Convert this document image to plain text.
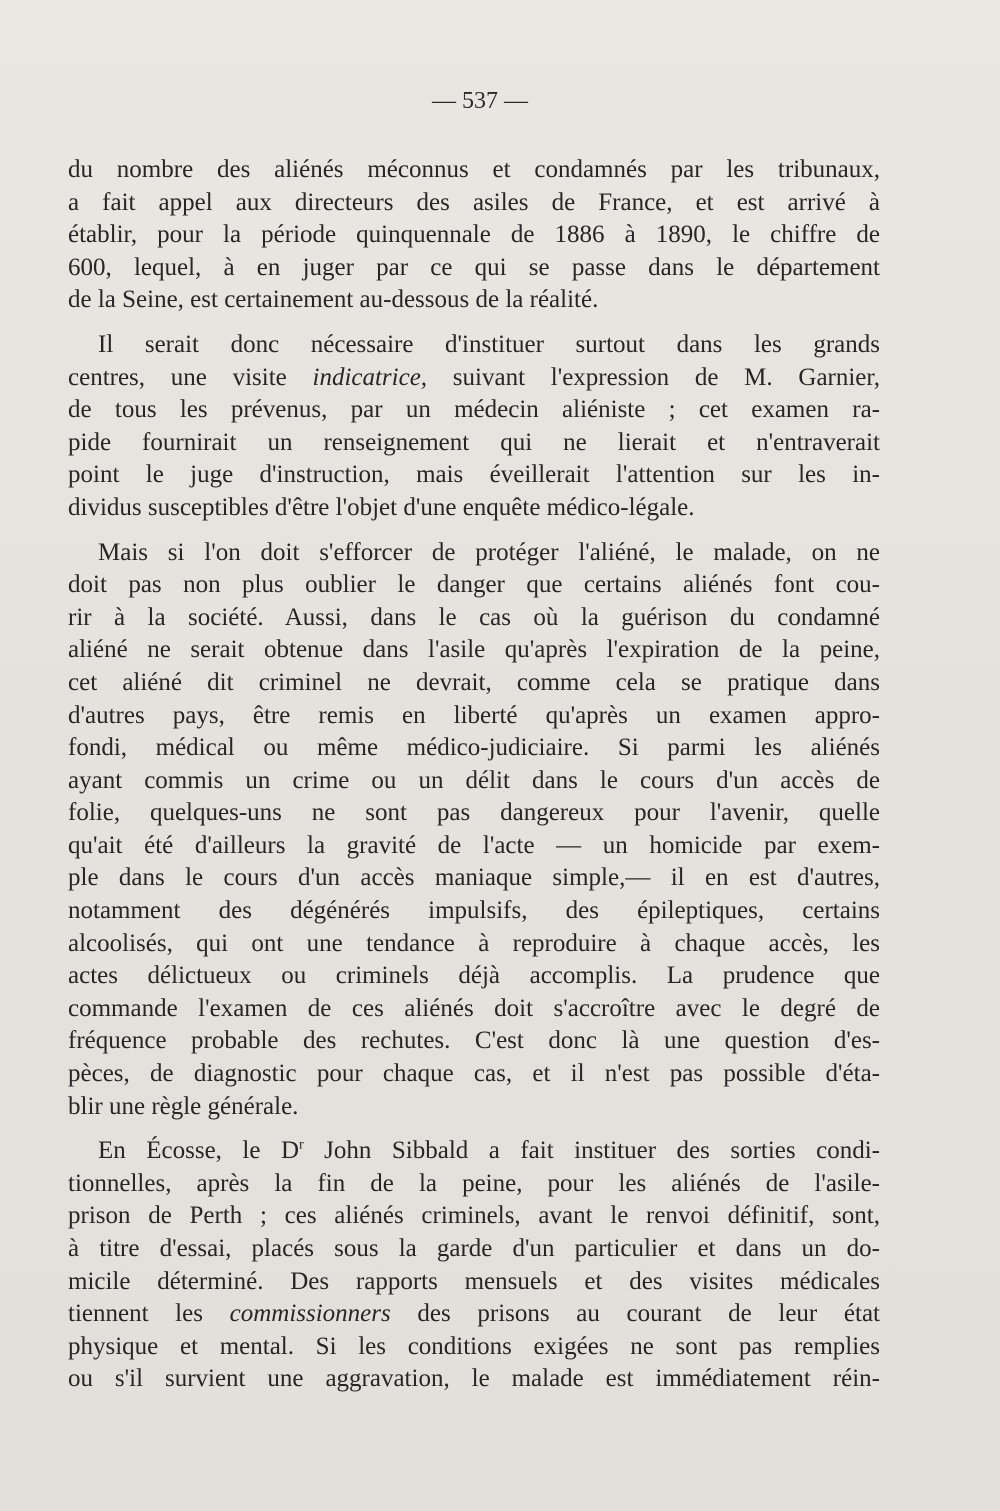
— 537 —
du nombre des aliénés méconnus et condamnés par les tribunaux,
a fait appel aux directeurs des asiles de France, et est arrivé à
établir, pour la période quinquennale de 1886 à 1890, le chiffre de
600, lequel, à en juger par ce qui se passe dans le département
de la Seine, est certainement au-dessous de la réalité.
Il serait donc nécessaire d'instituer surtout dans les grands
centres, une visite indicatrice, suivant l'expression de M. Garnier,
de tous les prévenus, par un médecin aliéniste ; cet examen ra-
pide fournirait un renseignement qui ne lierait et n'entraverait
point le juge d'instruction, mais éveillerait l'attention sur les in-
dividus susceptibles d'être l'objet d'une enquête médico-légale.
Mais si l'on doit s'efforcer de protéger l'aliéné, le malade, on ne
doit pas non plus oublier le danger que certains aliénés font cou-
rir à la société. Aussi, dans le cas où la guérison du condamné
aliéné ne serait obtenue dans l'asile qu'après l'expiration de la peine,
cet aliéné dit criminel ne devrait, comme cela se pratique dans
d'autres pays, être remis en liberté qu'après un examen appro-
fondi, médical ou même médico-judiciaire. Si parmi les aliénés
ayant commis un crime ou un délit dans le cours d'un accès de
folie, quelques-uns ne sont pas dangereux pour l'avenir, quelle
qu'ait été d'ailleurs la gravité de l'acte — un homicide par exem-
ple dans le cours d'un accès maniaque simple,— il en est d'autres,
notamment des dégénérés impulsifs, des épileptiques, certains
alcoolisés, qui ont une tendance à reproduire à chaque accès, les
actes délictueux ou criminels déjà accomplis. La prudence que
commande l'examen de ces aliénés doit s'accroître avec le degré de
fréquence probable des rechutes. C'est donc là une question d'es-
pèces, de diagnostic pour chaque cas, et il n'est pas possible d'éta-
blir une règle générale.
En Écosse, le $D^r$ John Sibbald a fait instituer des sorties condi-
tionnelles, après la fin de la peine, pour les aliénés de l'asile-
prison de Perth ; ces aliénés criminels, avant le renvoi définitif, sont,
à titre d'essai, placés sous la garde d'un particulier et dans un do-
micile déterminé. Des rapports mensuels et des visites médicales
tiennent les commissionners des prisons au courant de leur état
physique et mental. Si les conditions exigées ne sont pas remplies
ou s'il survient une aggravation, le malade est immédiatement réin-
